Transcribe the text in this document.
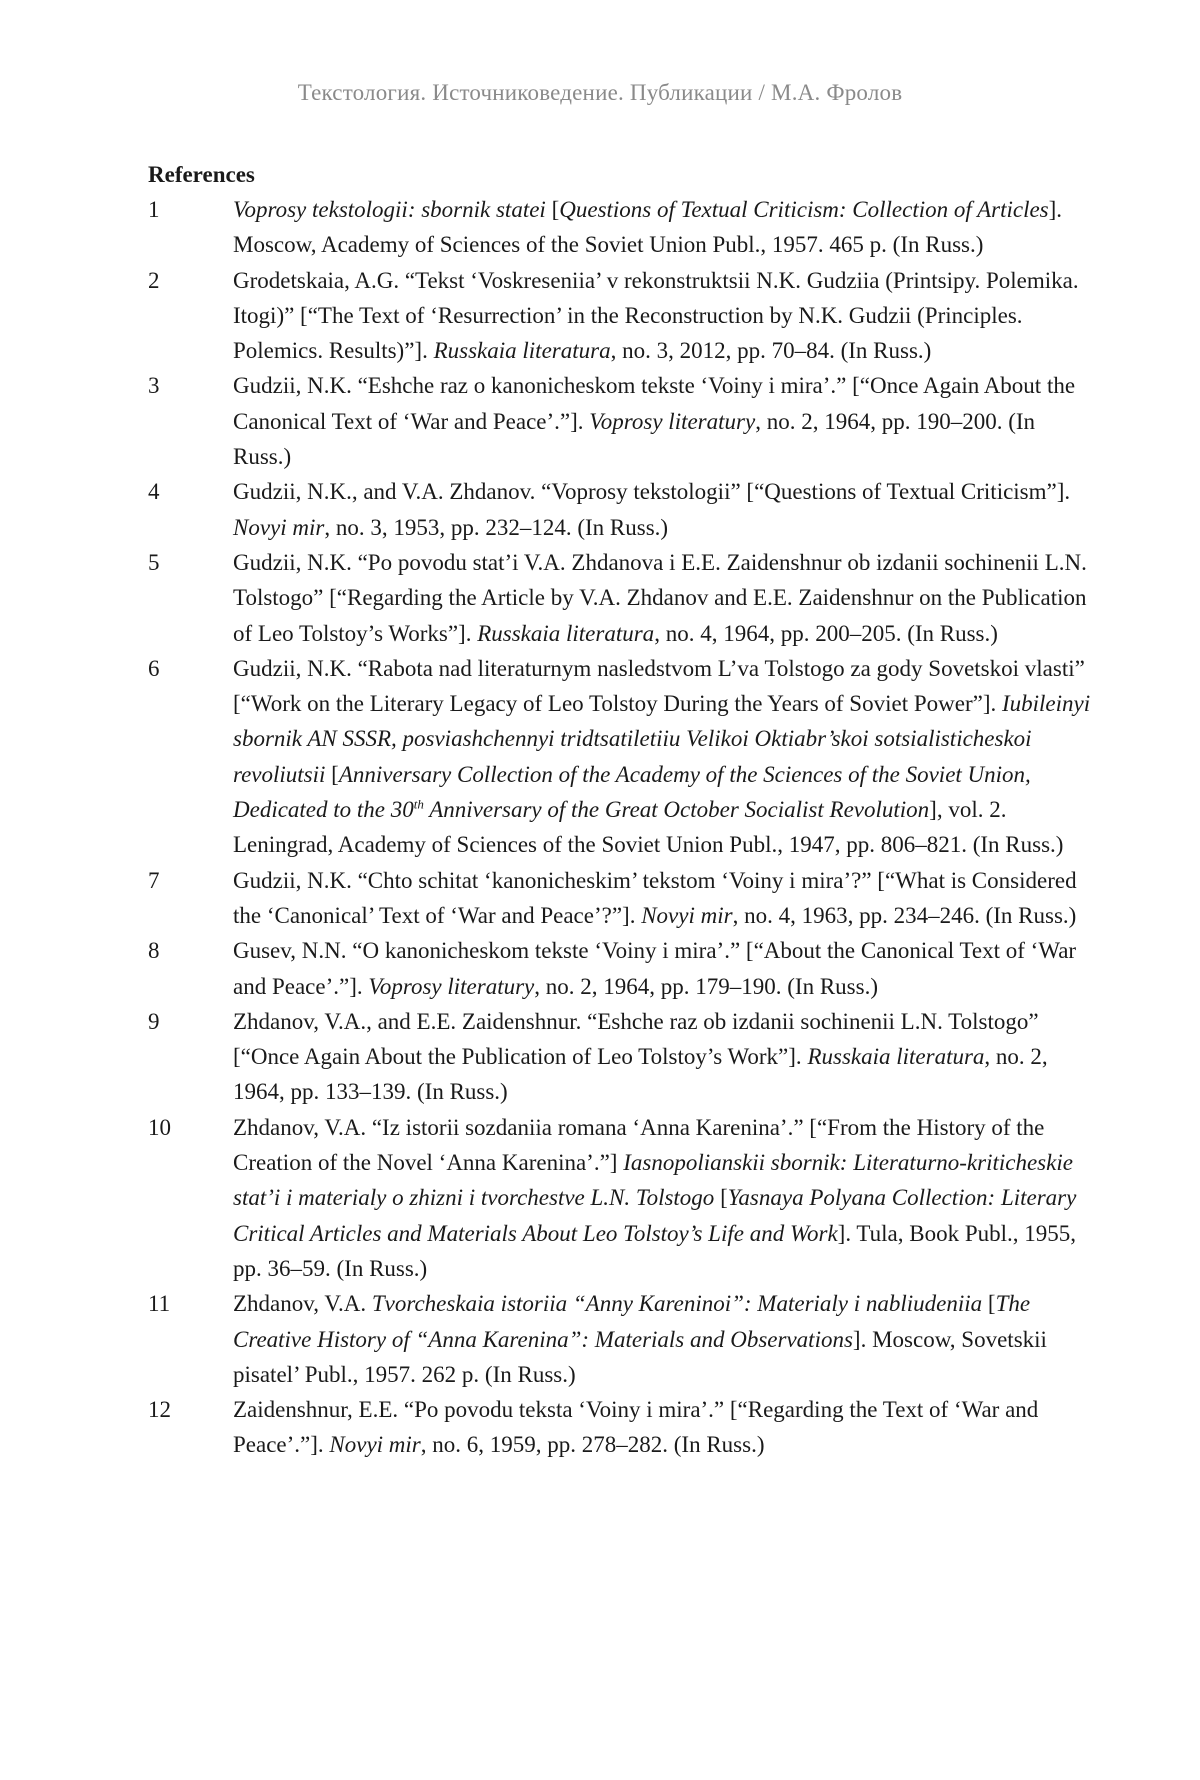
Текстология. Источниковедение. Публикации / М.А. Фролов
References
1	Voprosy tekstologii: sbornik statei [Questions of Textual Criticism: Collection of Articles]. Moscow, Academy of Sciences of the Soviet Union Publ., 1957. 465 p. (In Russ.)
2	Grodetskaia, A.G. “Tekst ‘Voskreseniia’ v rekonstruktsii N.K. Gudziia (Printsipy. Polemika. Itogi)” [“The Text of ‘Resurrection’ in the Reconstruction by N.K. Gudzii (Principles. Polemics. Results)”]. Russkaia literatura, no. 3, 2012, pp. 70–84. (In Russ.)
3	Gudzii, N.K. “Eshche raz o kanonicheskom tekste ‘Voiny i mira’.” [“Once Again About the Canonical Text of ‘War and Peace’.”]. Voprosy literatury, no. 2, 1964, pp. 190–200. (In Russ.)
4	Gudzii, N.K., and V.A. Zhdanov. “Voprosy tekstologii” [“Questions of Textual Criticism”]. Novyi mir, no. 3, 1953, pp. 232–124. (In Russ.)
5	Gudzii, N.K. “Po povodu stat’i V.A. Zhdanova i E.E. Zaidenshnur ob izdanii sochinenii L.N. Tolstogo” [“Regarding the Article by V.A. Zhdanov and E.E. Zaidenshnur on the Publication of Leo Tolstoy’s Works”]. Russkaia literatura, no. 4, 1964, pp. 200–205. (In Russ.)
6	Gudzii, N.K. “Rabota nad literaturnym nasledstvom L’va Tolstogo za gody Sovetskoi vlasti” [“Work on the Literary Legacy of Leo Tolstoy During the Years of Soviet Power”]. Iubileinyi sbornik AN SSSR, posviashchennyi tridtsatiletiiu Velikoi Oktiabr’skoi sotsialisticheskoi revoliutsii [Anniversary Collection of the Academy of the Sciences of the Soviet Union, Dedicated to the 30th Anniversary of the Great October Socialist Revolution], vol. 2. Leningrad, Academy of Sciences of the Soviet Union Publ., 1947, pp. 806–821. (In Russ.)
7	Gudzii, N.K. “Chto schitat ‘kanonicheskim’ tekstom ‘Voiny i mira’?” [“What is Considered the ‘Canonical’ Text of ‘War and Peace’?”]. Novyi mir, no. 4, 1963, pp. 234–246. (In Russ.)
8	Gusev, N.N. “O kanonicheskom tekste ‘Voiny i mira’.” [“About the Canonical Text of ‘War and Peace’.”]. Voprosy literatury, no. 2, 1964, pp. 179–190. (In Russ.)
9	Zhdanov, V.A., and E.E. Zaidenshnur. “Eshche raz ob izdanii sochinenii L.N. Tolstogo” [“Once Again About the Publication of Leo Tolstoy’s Work”]. Russkaia literatura, no. 2, 1964, pp. 133–139. (In Russ.)
10	Zhdanov, V.A. “Iz istorii sozdaniia romana ‘Anna Karenina’.” [“From the History of the Creation of the Novel ‘Anna Karenina’.”] Iasnopolianskii sbornik: Literaturno-kriticheskie stat’i i materialy o zhizni i tvorchestve L.N. Tolstogo [Yasnaya Polyana Collection: Literary Critical Articles and Materials About Leo Tolstoy’s Life and Work]. Tula, Book Publ., 1955, pp. 36–59. (In Russ.)
11	Zhdanov, V.A. Tvorcheskaia istoriia “Anny Kareninoi”: Materialy i nabliudeniia [The Creative History of “Anna Karenina”: Materials and Observations]. Moscow, Sovetskii pisatel’ Publ., 1957. 262 p. (In Russ.)
12	Zaidenshnur, E.E. “Po povodu teksta ‘Voiny i mira’.” [“Regarding the Text of ‘War and Peace’.”]. Novyi mir, no. 6, 1959, pp. 278–282. (In Russ.)
